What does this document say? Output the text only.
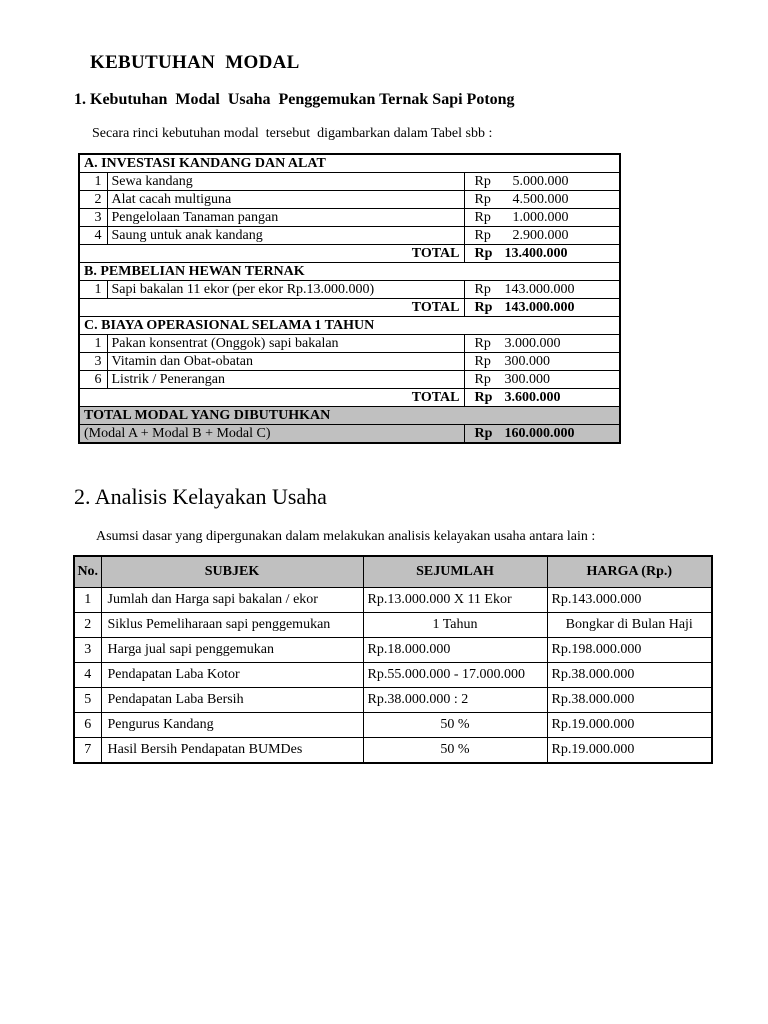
KEBUTUHAN  MODAL
1. Kebutuhan  Modal  Usaha  Penggemukan Ternak Sapi Potong
Secara rinci kebutuhan modal  tersebut  digambarkan dalam Tabel sbb :
A. INVESTASI KANDANG DAN ALAT		
1	Sewa kandang	Rp 5.000.000
2	Alat cacah multiguna	Rp 4.500.000
3	Pengelolaan Tanaman pangan	Rp 1.000.000
4	Saung untuk anak kandang	Rp 2.900.000
TOTAL		Rp 13.400.000
B. PEMBELIAN HEWAN TERNAK		
1	Sapi bakalan 11 ekor (per ekor Rp.13.000.000)	Rp 143.000.000
TOTAL		Rp 143.000.000
C. BIAYA OPERASIONAL SELAMA 1 TAHUN		
1	Pakan konsentrat (Onggok) sapi bakalan	Rp 3.000.000
3	Vitamin dan Obat-obatan	Rp 300.000
6	Listrik / Penerangan	Rp 300.000
TOTAL		Rp 3.600.000
TOTAL MODAL YANG DIBUTUHKAN		
(Modal A + Modal B + Modal C)		Rp 160.000.000
2. Analisis Kelayakan Usaha
Asumsi dasar yang dipergunakan dalam melakukan analisis kelayakan usaha antara lain :
No.	SUBJEK	SEJUMLAH	HARGA (Rp.)
1	Jumlah dan Harga sapi bakalan / ekor	Rp.13.000.000 X 11 Ekor	Rp.143.000.000
2	Siklus Pemeliharaan sapi penggemukan	1 Tahun	Bongkar di Bulan Haji
3	Harga jual sapi penggemukan	Rp.18.000.000	Rp.198.000.000
4	Pendapatan Laba Kotor	Rp.55.000.000 - 17.000.000	Rp.38.000.000
5	Pendapatan Laba Bersih	Rp.38.000.000 : 2	Rp.38.000.000
6	Pengurus Kandang	50 %	Rp.19.000.000
7	Hasil Bersih Pendapatan BUMDes	50 %	Rp.19.000.000
